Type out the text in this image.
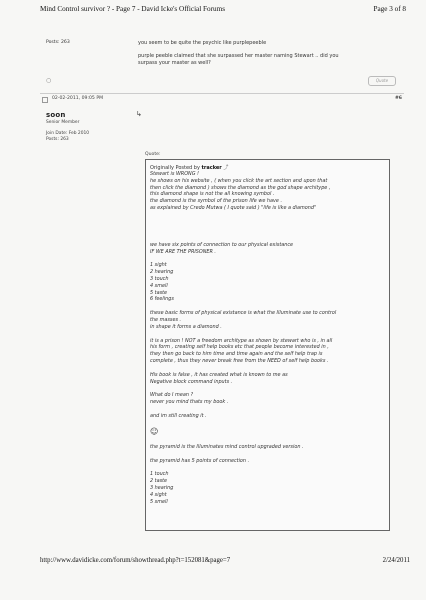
Mind Control survivor ? - Page 7 - David Icke's Official Forums	Page 3 of 8
Posts: 263	you seem to be quite the psychic like purplepeeble

purple peeble claimed that she surpassed her master naming Stewart .. did you
surpass your master as well?
○	Quote
02-02-2011, 09:05 PM	#6
soon
Senior Member
Join Date: Feb 2010
Posts: 263
↳
Quote:
Originally Posted by tracker ⤴
Stewart is WRONG !
he shows on his website , ( when you click the art section and upon that
then click the diamond ) shows the diamond as the god shape architype ,
this diamond shape is not the all knowing symbol .
the diamond is the symbol of the prison life we have .
as explained by Credo Mutwa ( I quote said ) "life is like a diamond"
we have six points of connection to our physical existance
IF WE ARE THE PRISONER .
1 sight
2 hearing
3 touch
4 smell
5 taste
6 feelings
these basic forms of physical existance is what the Illuminate use to control
the masses .
in shape it forms a diamond .
it is a prison ! NOT a freedom architype as shown by stewart who is , in all
his form , creating self help books etc that people become interested in ,
they then go back to him time and time again and the self help trap is
complete , thus they never break free from the NEED of self help books .
His book is false , it has created what is known to me as
Negative block command inputs .
What do I mean ?
never you mind thats my book .
and im still creating it .
☺
the pyramid is the Illuminates mind control upgraded version .
the pyramid has 5 points of connection .
1 touch
2 taste
3 hearing
4 sight
5 smell
http://www.davidicke.com/forum/showthread.php?t=152081&page=7	2/24/2011
